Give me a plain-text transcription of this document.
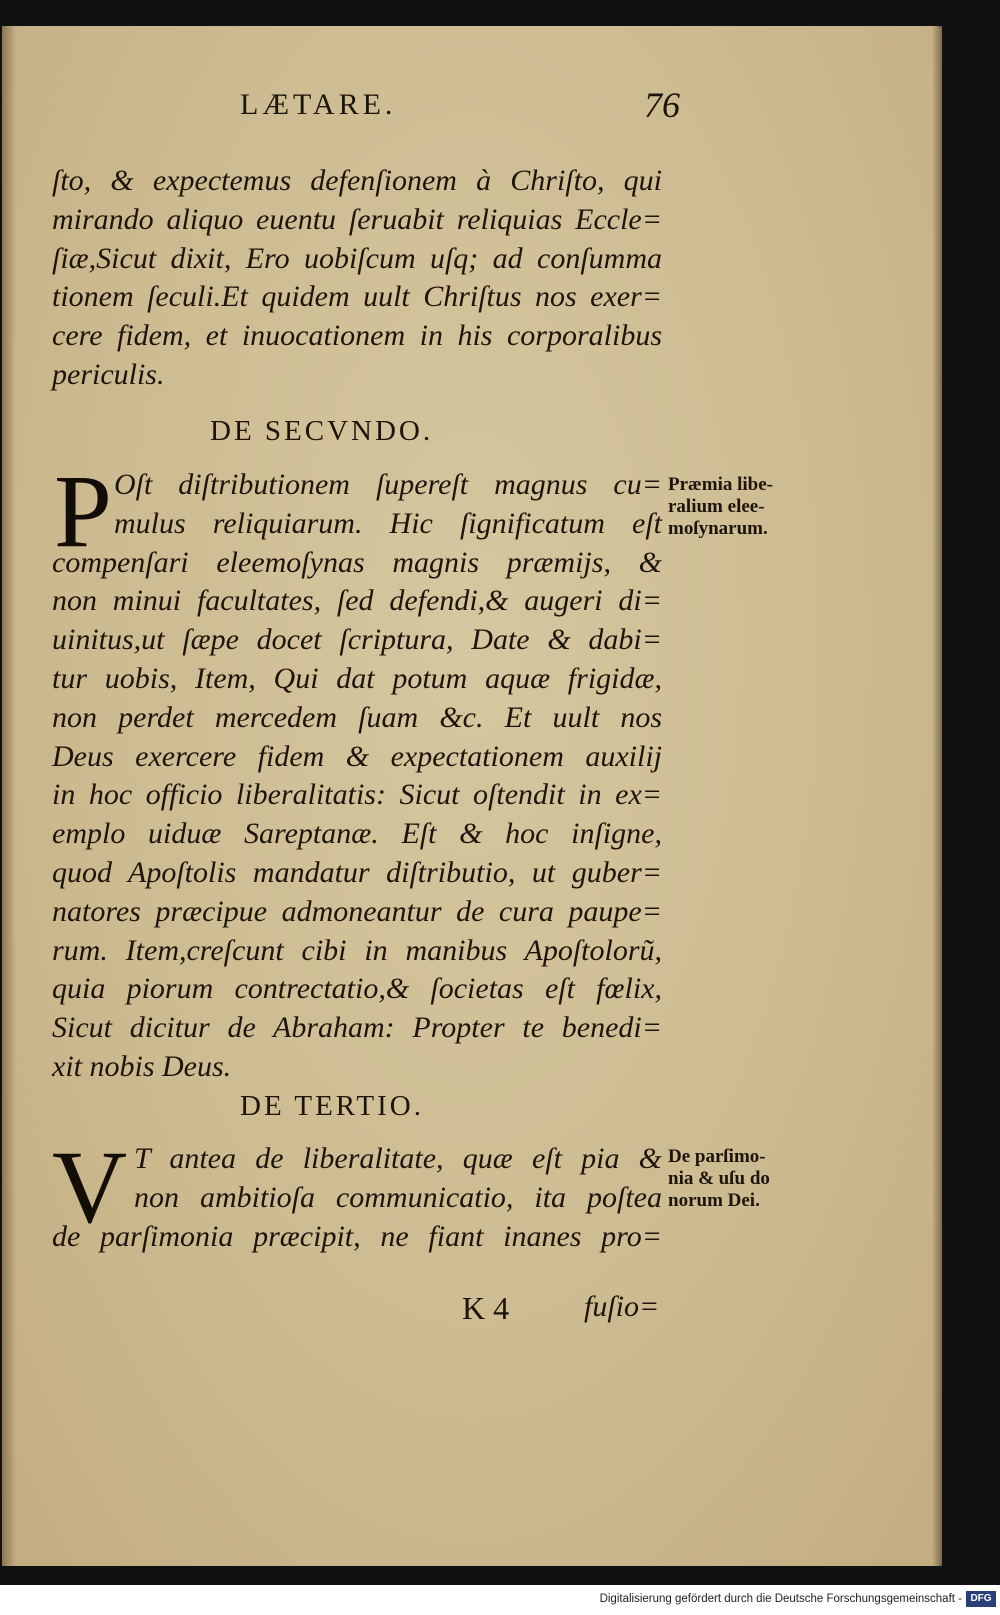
LÆTARE.	76
ſto, & expectemus defenſionem à Chriſto, qui
mirando aliquo euentu ſeruabit reliquias Eccle=
ſiæ,Sicut dixit, Ero uobiſcum uſq; ad conſumma
tionem ſeculi.Et quidem uult Chriſtus nos exer=
cere fidem, et inuocationem in his corporalibus
periculis.
DE SECVNDO.
P Oſt diſtributionem ſupereſt magnus cu=
mulus reliquiarum. Hic ſignificatum eſt
compenſari eleemoſynas magnis præmijs, &
non minui facultates, ſed defendi,& augeri di=
uinitus,ut ſæpe docet ſcriptura, Date & dabi=
tur uobis, Item, Qui dat potum aquæ frigidæ,
non perdet mercedem ſuam &c. Et uult nos
Deus exercere fidem & expectationem auxilij
in hoc officio liberalitatis: Sicut oſtendit in ex=
emplo uiduæ Sareptanæ. Eſt & hoc inſigne,
quod Apoſtolis mandatur diſtributio, ut guber=
natores præcipue admoneantur de cura paupe=
rum. Item,creſcunt cibi in manibus Apoſtolorũ,
quia piorum contrectatio,& ſocietas eſt fœlix,
Sicut dicitur de Abraham: Propter te benedi=
xit nobis Deus.
Præmia libe-
ralium elee-
moſynarum.
DE TERTIO.
V T antea de liberalitate, quæ eſt pia &
non ambitioſa communicatio, ita poſtea
de parſimonia præcipit, ne fiant inanes pro=
De parſimo-
nia & uſu do
norum Dei.
K 4 fuſio=
Digitalisierung gefördert durch die Deutsche Forschungsgemeinschaft - DFG
